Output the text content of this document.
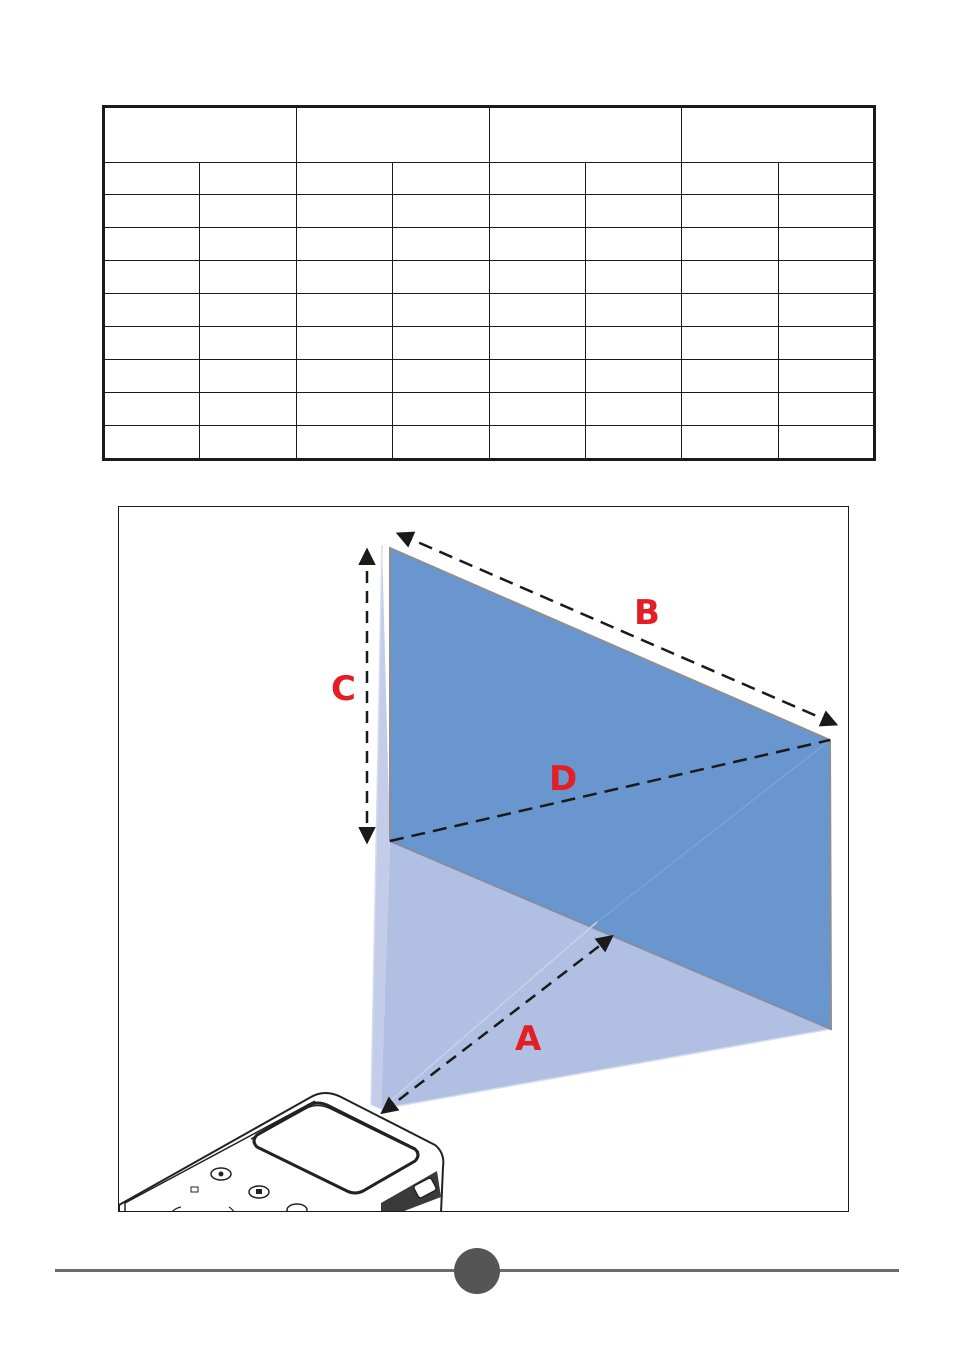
B
C
D
A
